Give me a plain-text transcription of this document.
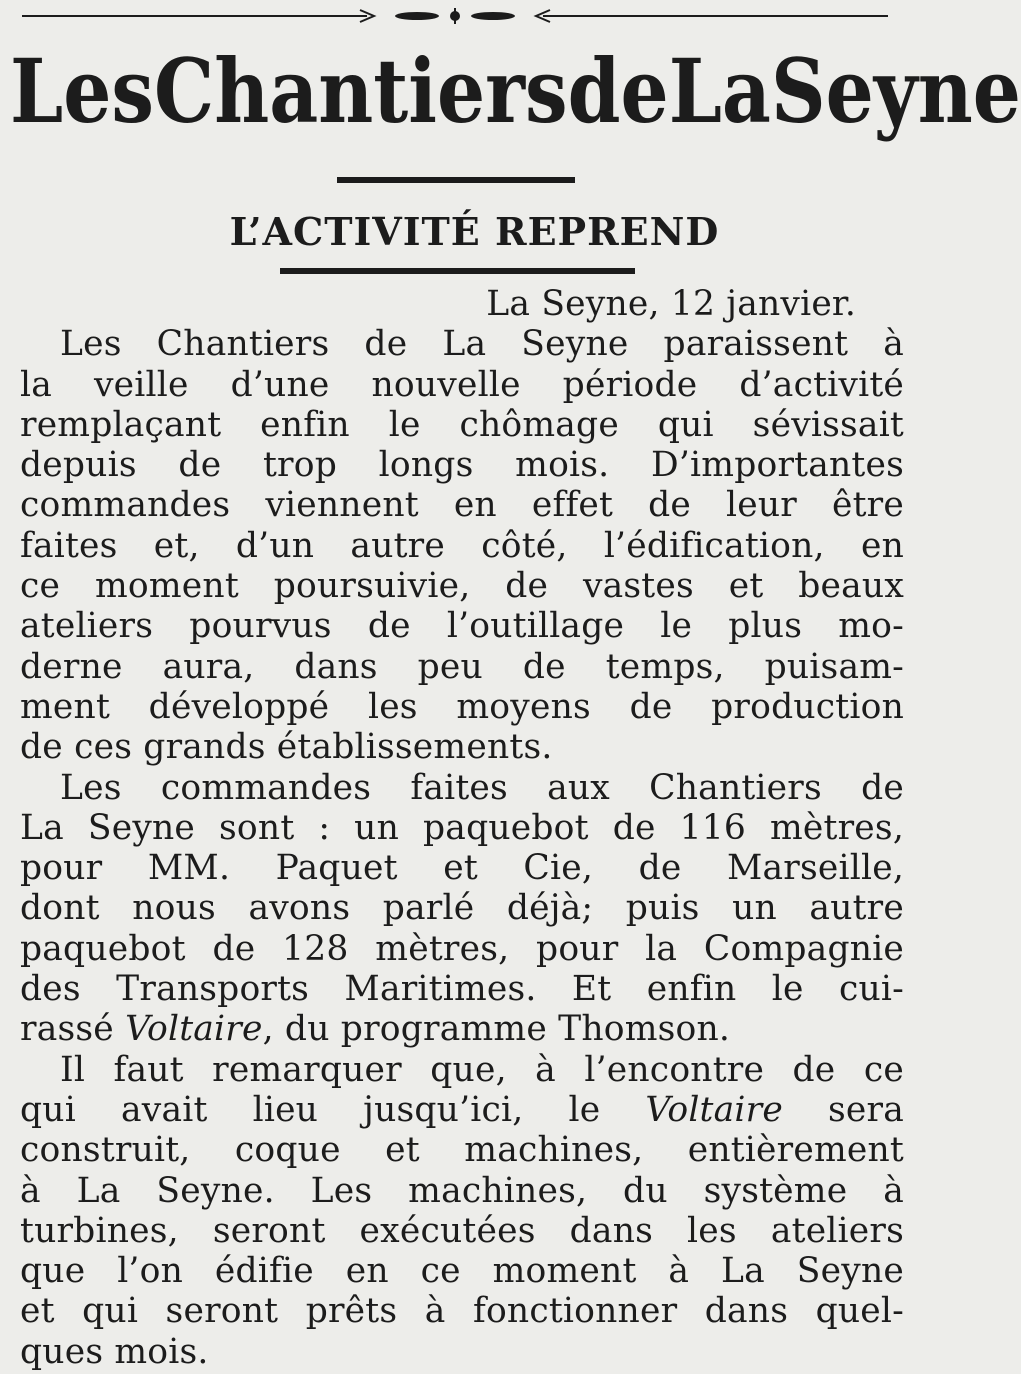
Les Chantiers de La Seyne
L’ACTIVITÉ REPREND
La Seyne, 12 janvier.
Les Chantiers de La Seyne paraissent à
la veille d’une nouvelle période d’activité
remplaçant enfin le chômage qui sévissait
depuis de trop longs mois. D’importantes
commandes viennent en effet de leur être
faites et, d’un autre côté, l’édification, en
ce moment poursuivie, de vastes et beaux
ateliers pourvus de l’outillage le plus mo-
derne aura, dans peu de temps, puisam-
ment développé les moyens de production
de ces grands établissements.
Les commandes faites aux Chantiers de
La Seyne sont : un paquebot de 116 mètres,
pour MM. Paquet et Cie, de Marseille,
dont nous avons parlé déjà; puis un autre
paquebot de 128 mètres, pour la Compagnie
des Transports Maritimes. Et enfin le cui-
rassé Voltaire, du programme Thomson.
Il faut remarquer que, à l’encontre de ce
qui avait lieu jusqu’ici, le Voltaire sera
construit, coque et machines, entièrement
à La Seyne. Les machines, du système à
turbines, seront exécutées dans les ateliers
que l’on édifie en ce moment à La Seyne
et qui seront prêts à fonctionner dans quel-
ques mois.
